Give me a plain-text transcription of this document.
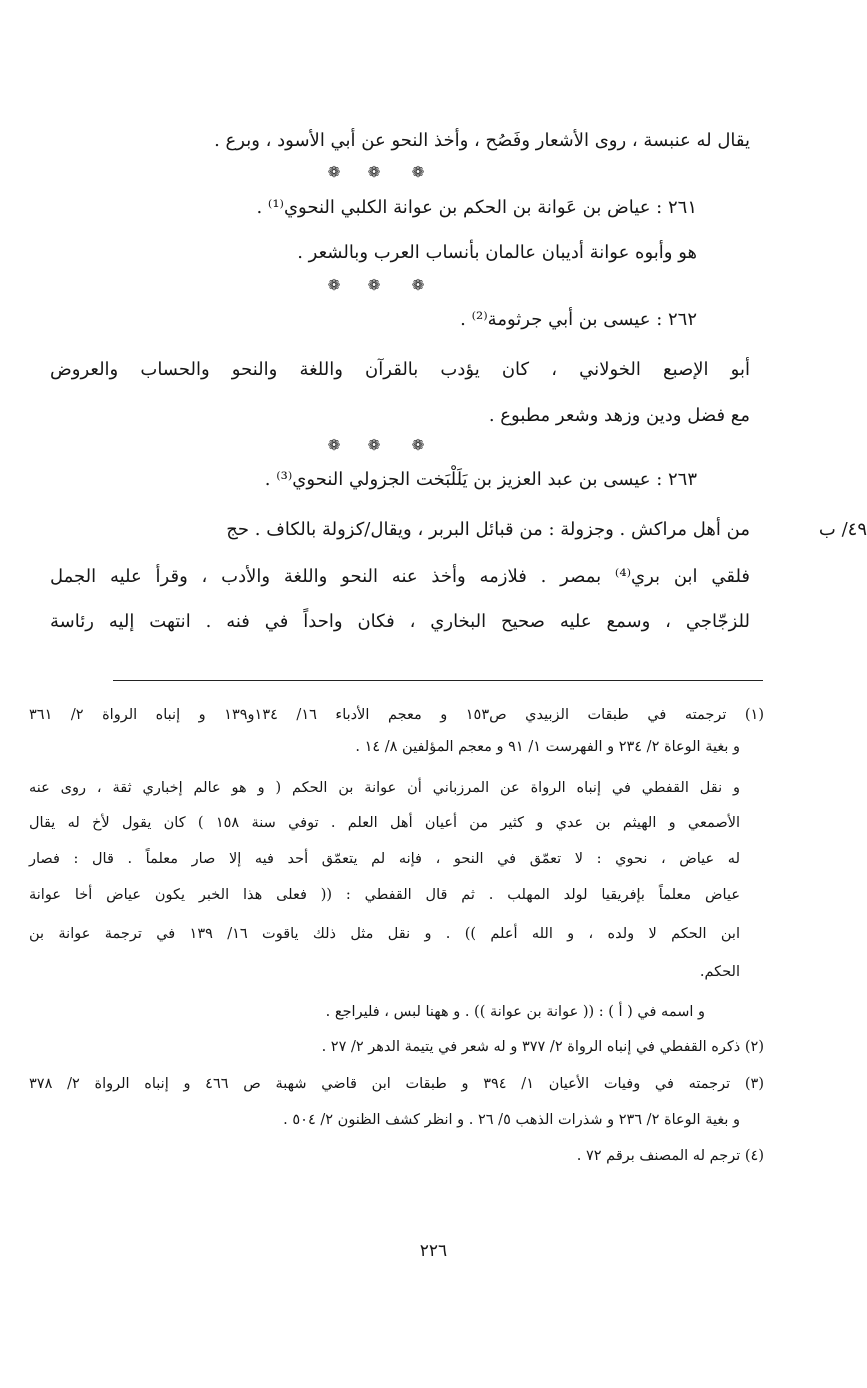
يقال له عنبسة ، روى الأشعار وفَصُح ، وأخذ النحو عن أبي الأسود ، وبرع .
❁	❁	❁
٢٦١ : عياض بن عَوانة بن الحكم بن عوانة الكلبي النحوي⁽¹⁾ .
هو وأبوه عوانة أديبان عالمان بأنساب العرب وبالشعر .
❁	❁	❁
٢٦٢ : عيسى بن أبي جرثومة⁽²⁾ .
أبو الإصبع الخولاني ، كان يؤدب بالقرآن واللغة والنحو والحساب والعروض
مع فضل ودين وزهد وشعر مطبوع .
❁	❁	❁
٢٦٣ : عيسى بن عبد العزيز بن يَلَلْبَخت الجزولي النحوي⁽³⁾ .
من أهل مراكش . وجزولة : من قبائل البربر ، ويقال/كزولة بالكاف . حج	٤٩/ ب
فلقي ابن بري⁽⁴⁾ بمصر . فلازمه وأخذ عنه النحو واللغة والأدب ، وقرأ عليه الجمل
للزجّاجي ، وسمع عليه صحيح البخاري ، فكان واحداً في فنه . انتهت إليه رئاسة
(١) ترجمته في طبقات الزبيدي ص١٥٣ و معجم الأدباء ١٦/ ١٣٤و١٣٩ و إنباه الرواة ٢/ ٣٦١
و بغية الوعاة ٢/ ٢٣٤ و الفهرست ١/ ٩١ و معجم المؤلفين ٨/ ١٤ .
و نقل القفطي في إنباه الرواة عن المرزباني أن عوانة بن الحكم ( و هو عالم إخباري ثقة ، روى عنه
الأصمعي و الهيثم بن عدي و كثير من أعيان أهل العلم . توفي سنة ١٥٨ ) كان يقول لأخ له يقال
له عياض ، نحوي : لا تعمّق في النحو ، فإنه لم يتعمّق أحد فيه إلا صار معلماً . قال : فصار
عياض معلماً بإفريقيا لولد المهلب . ثم قال القفطي : (( فعلى هذا الخبر يكون عياض أخا عوانة
ابن الحكم لا ولده ، و الله أعلم )) . و نقل مثل ذلك ياقوت ١٦/ ١٣٩ في ترجمة عوانة بن
الحكم.
و اسمه في ( أ ) : (( عوانة بن عوانة )) . و ههنا لبس ، فليراجع .
(٢) ذكره القفطي في إنباه الرواة ٢/ ٣٧٧ و له شعر في يتيمة الدهر ٢/ ٢٧ .
(٣) ترجمته في وفيات الأعيان ١/ ٣٩٤ و طبقات ابن قاضي شهبة ص ٤٦٦ و إنباه الرواة ٢/ ٣٧٨
و بغية الوعاة ٢/ ٢٣٦ و شذرات الذهب ٥/ ٢٦ . و انظر كشف الظنون ٢/ ٥٠٤ .
(٤) ترجم له المصنف برقم ٧٢ .
٢٢٦
